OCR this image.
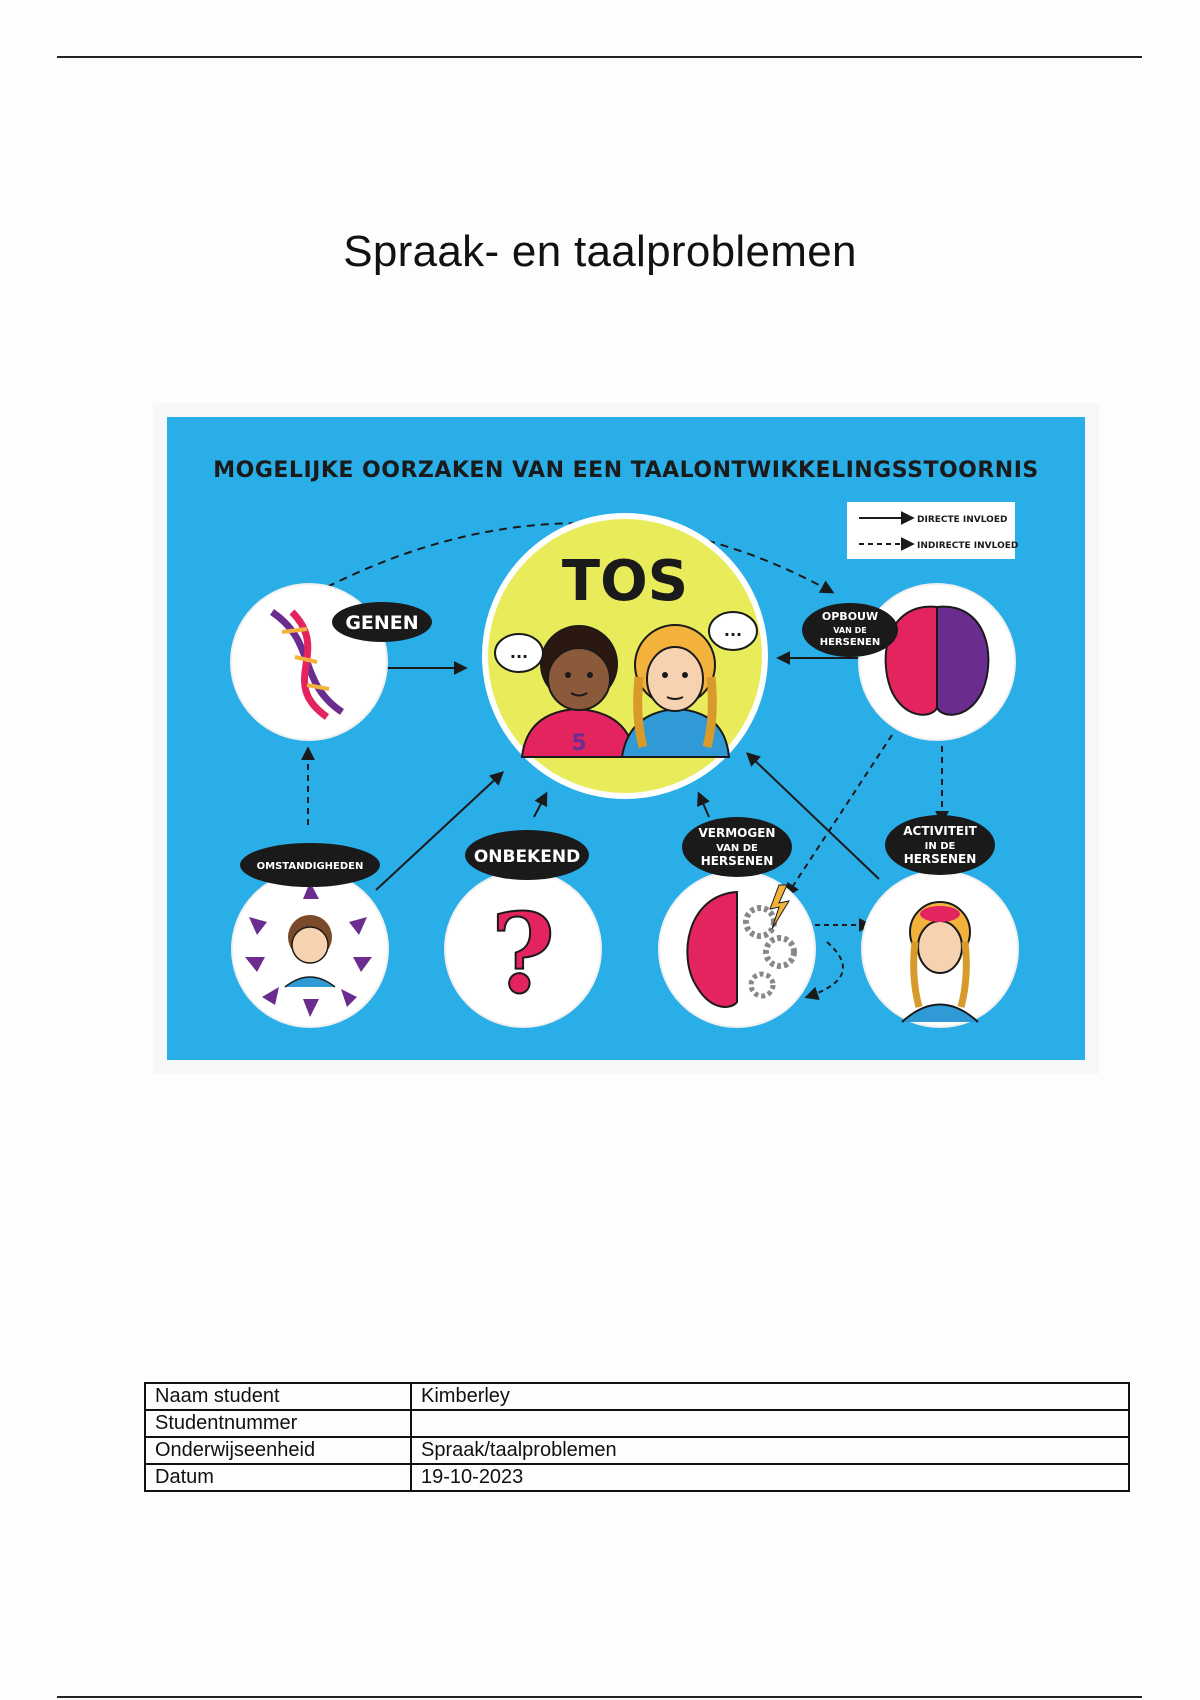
Spraak- en taalproblemen
MOGELIJKE OORZAKEN VAN EEN TAALONTWIKKELINGSSTOORNIS
DIRECTE INVLOED
INDIRECTE INVLOED
TOS
5
...
...
GENEN	OPBOUW
VAN DE
HERSENEN
OMSTANDIGHEDEN
?
ONBEKEND
VERMOGEN
VAN DE
HERSENEN
ACTIVITEIT
IN DE
HERSENEN
Naam student	Kimberley
Studentnummer	
Onderwijseenheid	Spraak/taalproblemen
Datum	19-10-2023
